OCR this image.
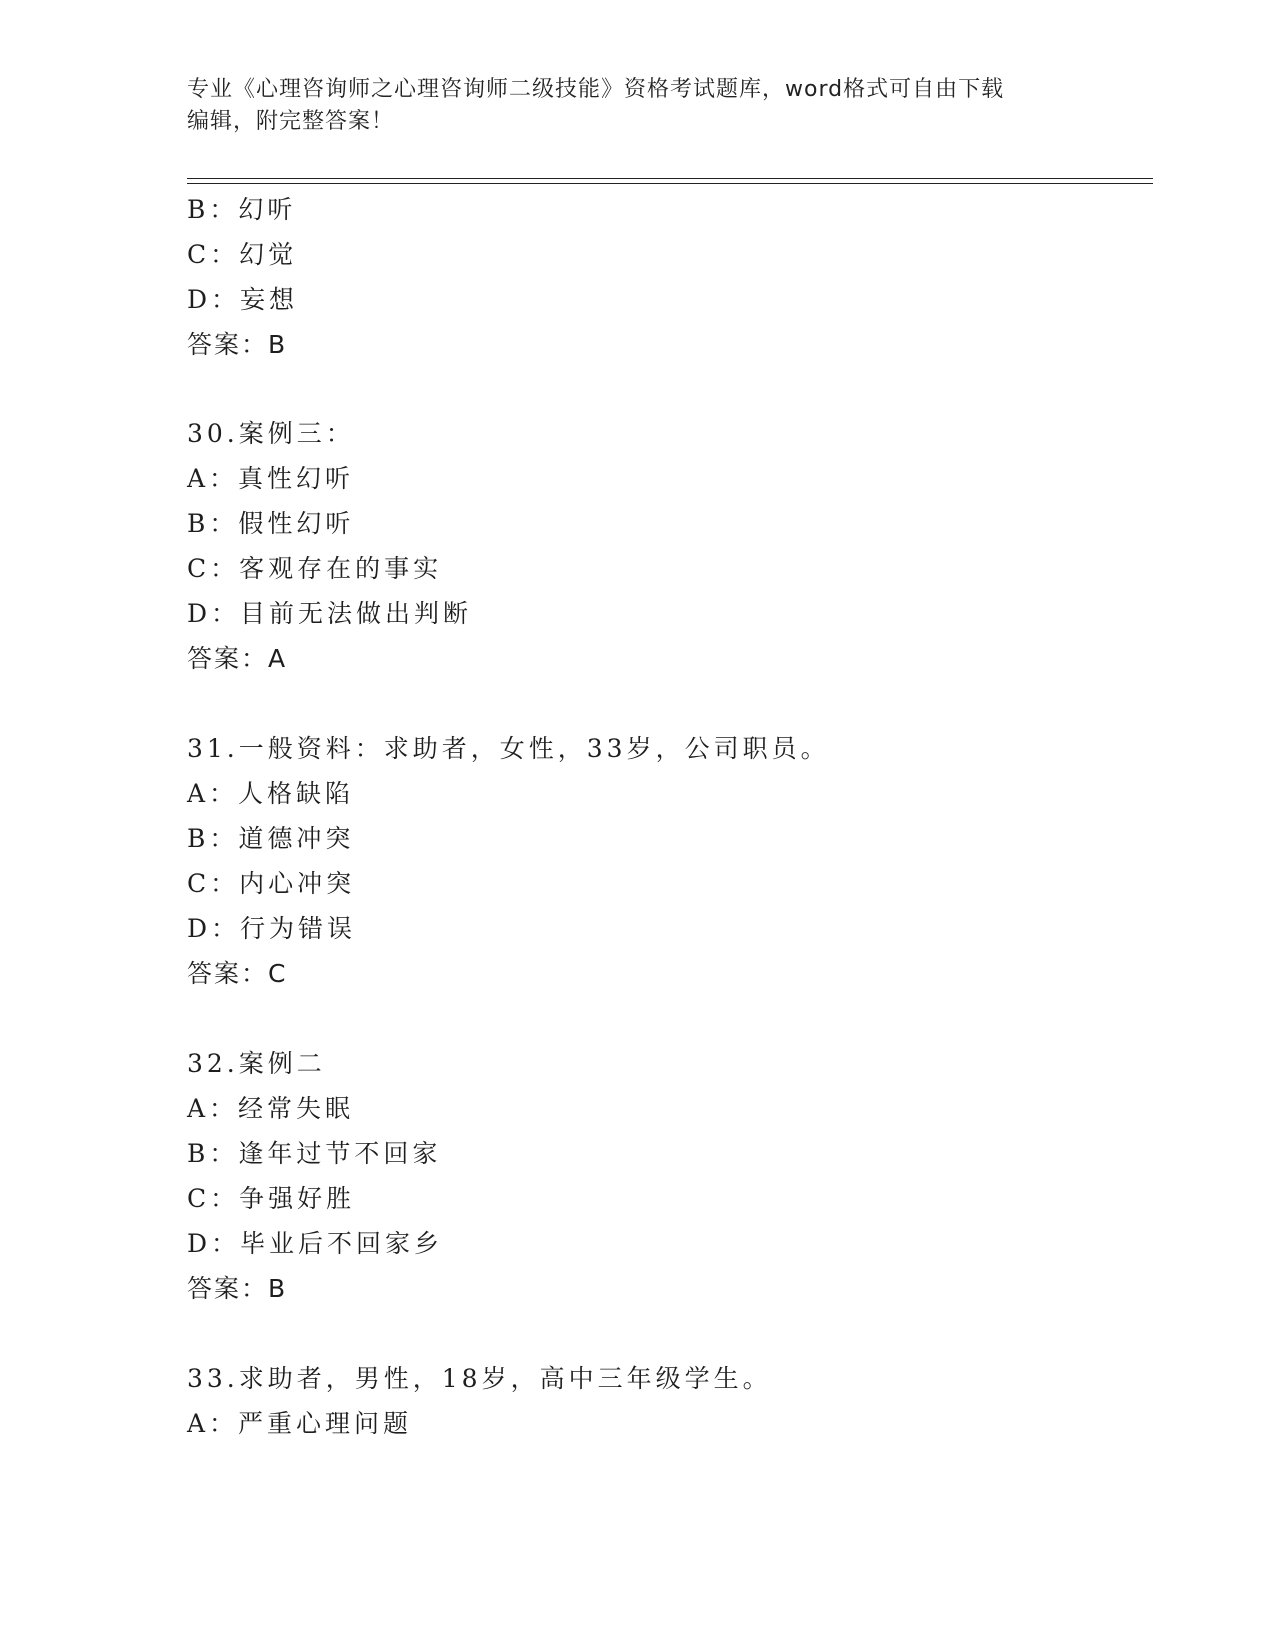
专业《心理咨询师之心理咨询师二级技能》资格考试题库，word格式可自由下载
编辑，附完整答案！
B：幻听
C：幻觉
D：妄想
答案：B
30.案例三：
A：真性幻听
B：假性幻听
C：客观存在的事实
D：目前无法做出判断
答案：A
31.一般资料：求助者，女性，33岁，公司职员。
A：人格缺陷
B：道德冲突
C：内心冲突
D：行为错误
答案：C
32.案例二
A：经常失眠
B：逢年过节不回家
C：争强好胜
D：毕业后不回家乡
答案：B
33.求助者，男性，18岁，高中三年级学生。
A：严重心理问题
